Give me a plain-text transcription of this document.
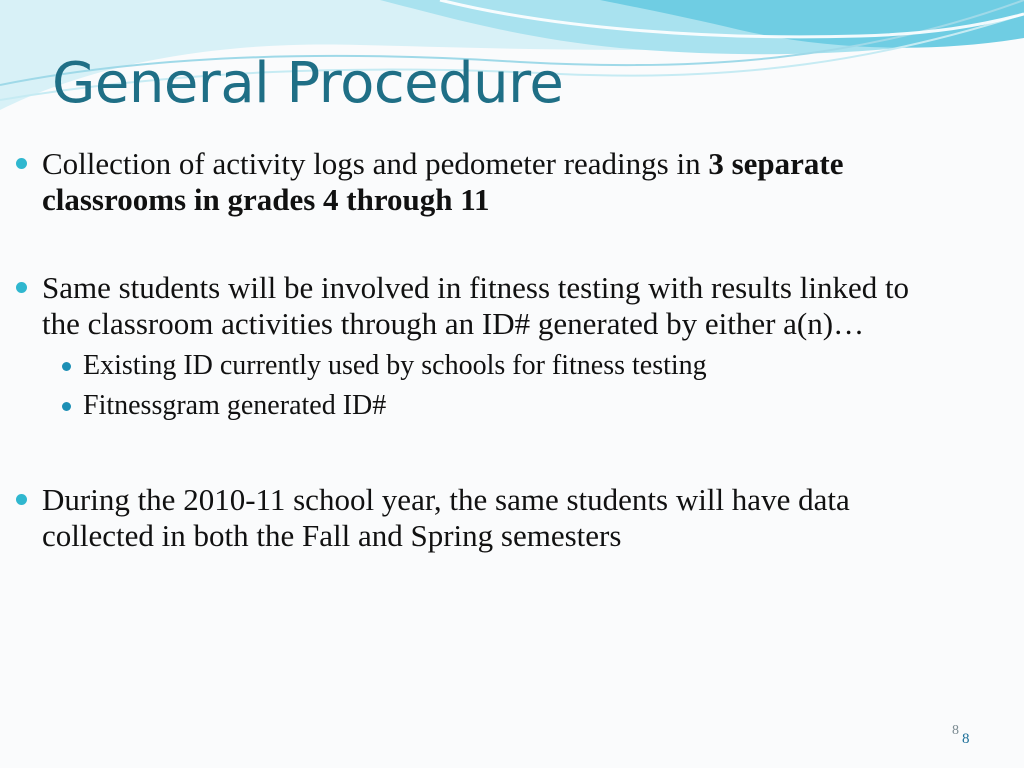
General Procedure
Collection of activity logs and pedometer readings in 3 separate classrooms in grades 4 through 11
Same students will be involved in fitness testing with results linked to the classroom activities through an ID# generated by either a(n)…
Existing ID currently used by schools for fitness testing
Fitnessgram generated ID#
During the 2010-11 school year, the same students will have data collected in both the Fall and Spring semesters
8
8
